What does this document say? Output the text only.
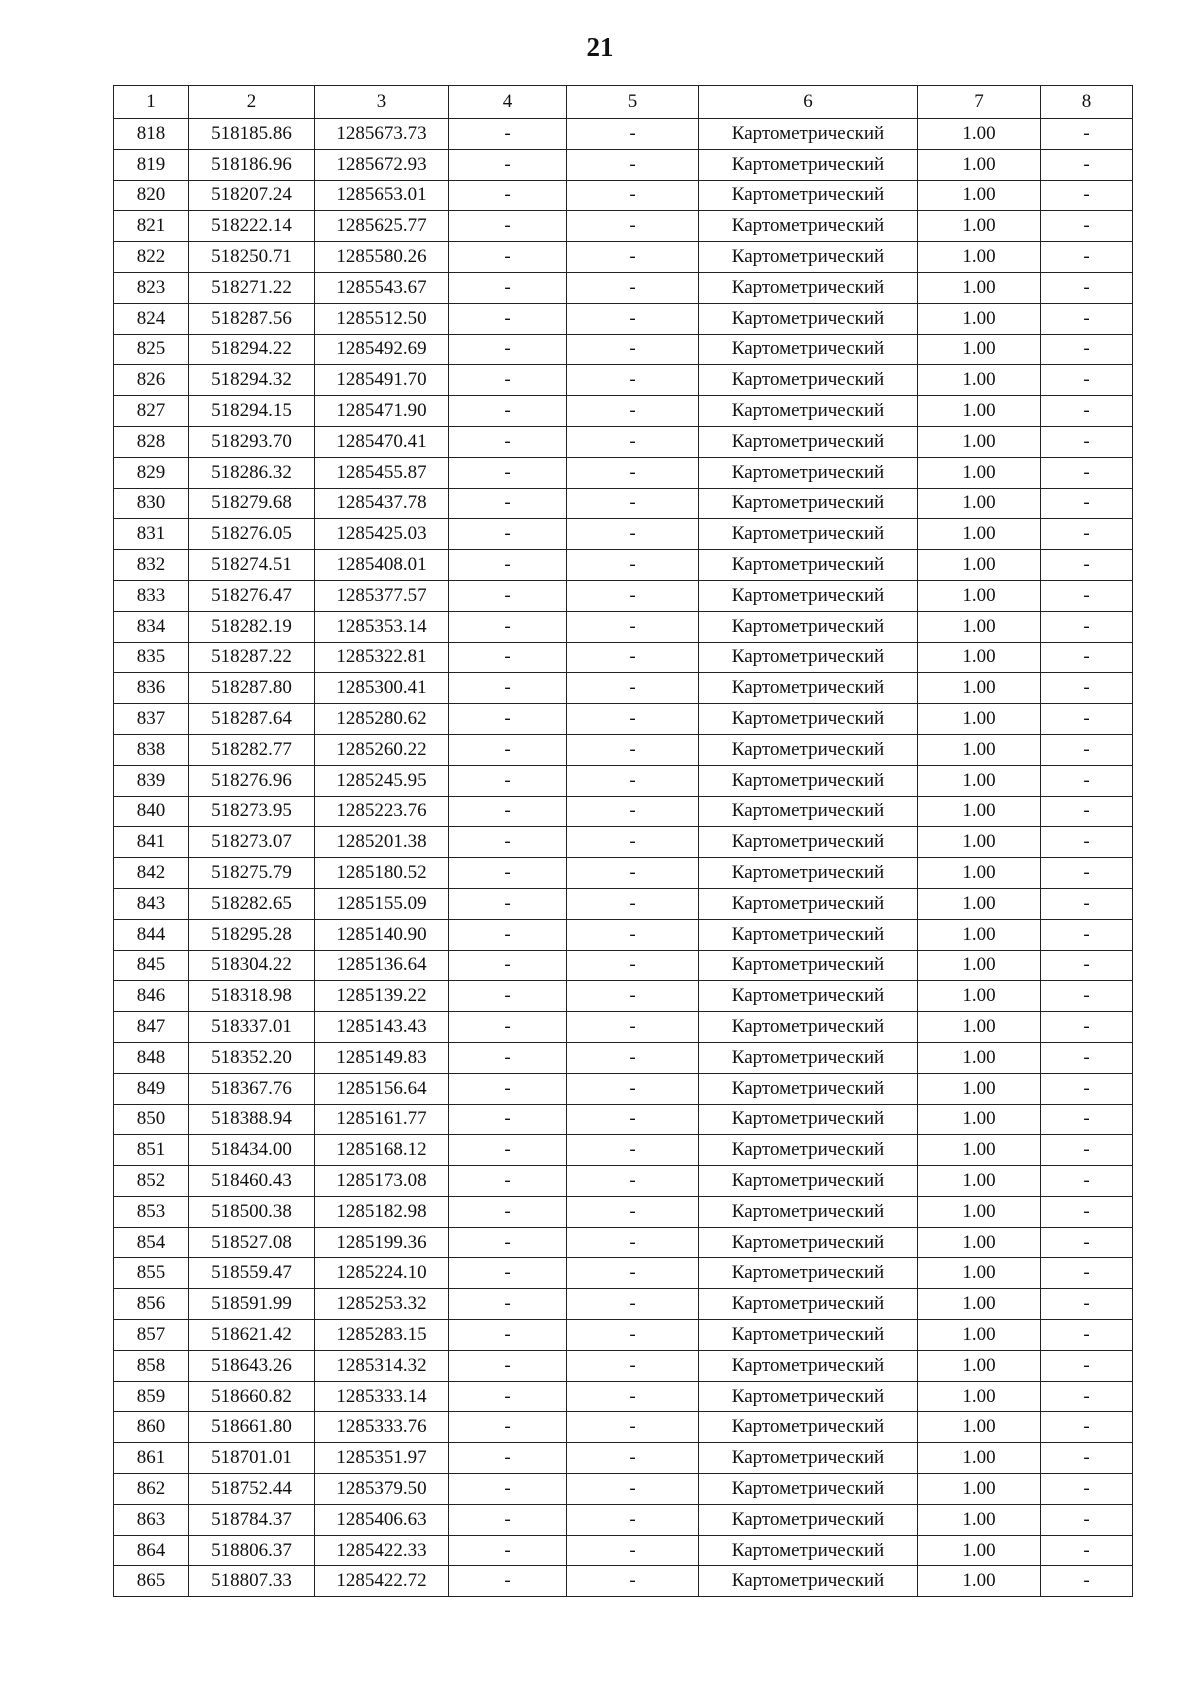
21
1	2	3	4	5	6	7	8
818	518185.86	1285673.73	-	-	Картометрический	1.00	-
819	518186.96	1285672.93	-	-	Картометрический	1.00	-
820	518207.24	1285653.01	-	-	Картометрический	1.00	-
821	518222.14	1285625.77	-	-	Картометрический	1.00	-
822	518250.71	1285580.26	-	-	Картометрический	1.00	-
823	518271.22	1285543.67	-	-	Картометрический	1.00	-
824	518287.56	1285512.50	-	-	Картометрический	1.00	-
825	518294.22	1285492.69	-	-	Картометрический	1.00	-
826	518294.32	1285491.70	-	-	Картометрический	1.00	-
827	518294.15	1285471.90	-	-	Картометрический	1.00	-
828	518293.70	1285470.41	-	-	Картометрический	1.00	-
829	518286.32	1285455.87	-	-	Картометрический	1.00	-
830	518279.68	1285437.78	-	-	Картометрический	1.00	-
831	518276.05	1285425.03	-	-	Картометрический	1.00	-
832	518274.51	1285408.01	-	-	Картометрический	1.00	-
833	518276.47	1285377.57	-	-	Картометрический	1.00	-
834	518282.19	1285353.14	-	-	Картометрический	1.00	-
835	518287.22	1285322.81	-	-	Картометрический	1.00	-
836	518287.80	1285300.41	-	-	Картометрический	1.00	-
837	518287.64	1285280.62	-	-	Картометрический	1.00	-
838	518282.77	1285260.22	-	-	Картометрический	1.00	-
839	518276.96	1285245.95	-	-	Картометрический	1.00	-
840	518273.95	1285223.76	-	-	Картометрический	1.00	-
841	518273.07	1285201.38	-	-	Картометрический	1.00	-
842	518275.79	1285180.52	-	-	Картометрический	1.00	-
843	518282.65	1285155.09	-	-	Картометрический	1.00	-
844	518295.28	1285140.90	-	-	Картометрический	1.00	-
845	518304.22	1285136.64	-	-	Картометрический	1.00	-
846	518318.98	1285139.22	-	-	Картометрический	1.00	-
847	518337.01	1285143.43	-	-	Картометрический	1.00	-
848	518352.20	1285149.83	-	-	Картометрический	1.00	-
849	518367.76	1285156.64	-	-	Картометрический	1.00	-
850	518388.94	1285161.77	-	-	Картометрический	1.00	-
851	518434.00	1285168.12	-	-	Картометрический	1.00	-
852	518460.43	1285173.08	-	-	Картометрический	1.00	-
853	518500.38	1285182.98	-	-	Картометрический	1.00	-
854	518527.08	1285199.36	-	-	Картометрический	1.00	-
855	518559.47	1285224.10	-	-	Картометрический	1.00	-
856	518591.99	1285253.32	-	-	Картометрический	1.00	-
857	518621.42	1285283.15	-	-	Картометрический	1.00	-
858	518643.26	1285314.32	-	-	Картометрический	1.00	-
859	518660.82	1285333.14	-	-	Картометрический	1.00	-
860	518661.80	1285333.76	-	-	Картометрический	1.00	-
861	518701.01	1285351.97	-	-	Картометрический	1.00	-
862	518752.44	1285379.50	-	-	Картометрический	1.00	-
863	518784.37	1285406.63	-	-	Картометрический	1.00	-
864	518806.37	1285422.33	-	-	Картометрический	1.00	-
865	518807.33	1285422.72	-	-	Картометрический	1.00	-
